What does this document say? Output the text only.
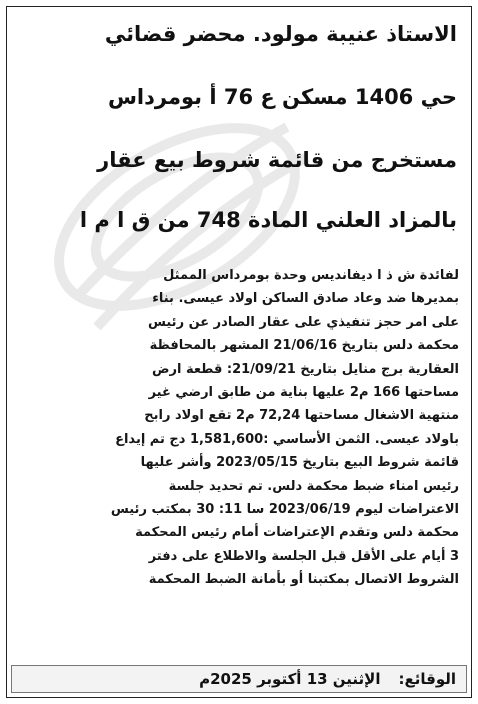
الاستاذ عنيبة مولود. محضر قضائي
حي 1406 مسكن ع 76 أ بومرداس
مستخرج من قائمة شروط بيع عقار
بالمزاد العلني المادة 748 من ق ا م ا

لفائدة ش ذ ا ديفانديس وحدة بومرداس الممثل
بمديرها ضد وعاد صادق الساكن اولاد عيسى. بناء
على امر حجز تنفيذي على عقار الصادر عن رئيس
محكمة دلس بتاريخ 21/06/16 المشهر بالمحافظة
العقارية برج منايل بتاريخ 21/09/21: قطعة ارض
مساحتها 166 م2 عليها بناية من طابق ارضي غير
منتهية الاشغال مساحتها 72,24 م2 تقع اولاد رابح
باولاد عيسى. الثمن الأساسي :1,581,600 دج تم إيداع
قائمة شروط البيع بتاريخ 2023/05/15 وأشر عليها
رئيس امناء ضبط محكمة دلس. تم تحديد جلسة
الاعتراضات ليوم 2023/06/19 سا 11: 30 بمكتب رئيس
محكمة دلس وتقدم الإعتراضات أمام رئيس المحكمة
3 أيام على الأقل قبل الجلسة والاطلاع على دفتر
الشروط الاتصال بمكتبنا أو بأمانة الضبط المحكمة

الوقائع:
الإثنين 13 أكتوبر 2025م
